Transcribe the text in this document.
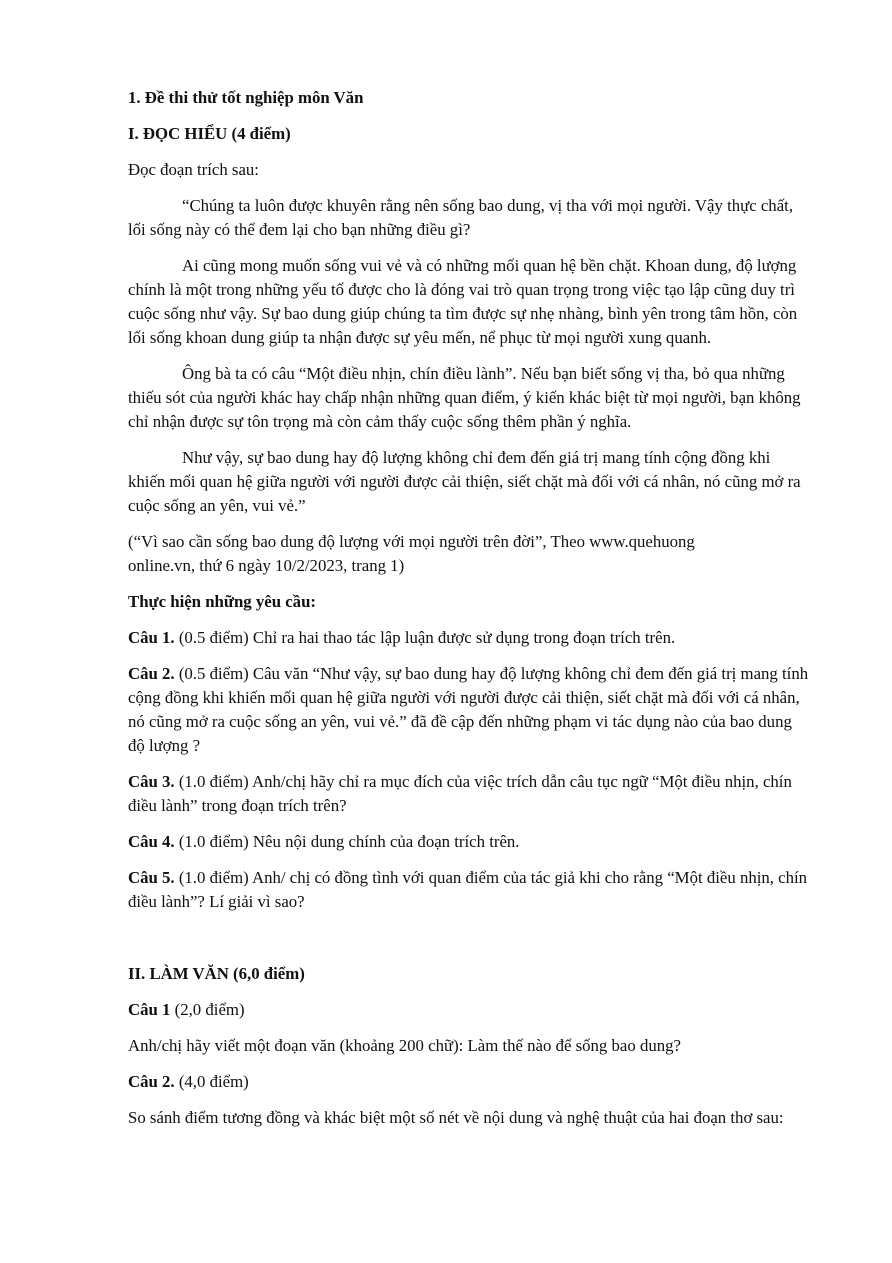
1. Đề thi thử tốt nghiệp môn Văn

I. ĐỌC HIỂU (4 điểm)

Đọc đoạn trích sau:

“Chúng ta luôn được khuyên rằng nên sống bao dung, vị tha với mọi người. Vậy thực chất, lối sống này có thể đem lại cho bạn những điều gì?

Ai cũng mong muốn sống vui vẻ và có những mối quan hệ bền chặt. Khoan dung, độ lượng chính là một trong những yếu tố được cho là đóng vai trò quan trọng trong việc tạo lập cũng duy trì cuộc sống như vậy. Sự bao dung giúp chúng ta tìm được sự nhẹ nhàng, bình yên trong tâm hồn, còn lối sống khoan dung giúp ta nhận được sự yêu mến, nể phục từ mọi người xung quanh.

Ông bà ta có câu “Một điều nhịn, chín điều lành”. Nếu bạn biết sống vị tha, bỏ qua những thiếu sót của người khác hay chấp nhận những quan điểm, ý kiến khác biệt từ mọi người, bạn không chỉ nhận được sự tôn trọng mà còn cảm thấy cuộc sống thêm phần ý nghĩa.

Như vậy, sự bao dung hay độ lượng không chỉ đem đến giá trị mang tính cộng đồng khi khiến mối quan hệ giữa người với người được cải thiện, siết chặt mà đối với cá nhân, nó cũng mở ra cuộc sống an yên, vui vẻ.”

(“Vì sao cần sống bao dung độ lượng với mọi người trên đời”, Theo www.quehuong online.vn, thứ 6 ngày 10/2/2023, trang 1)

Thực hiện những yêu cầu:

Câu 1. (0.5 điểm) Chỉ ra hai thao tác lập luận được sử dụng trong đoạn trích trên.

Câu 2. (0.5 điểm) Câu văn “Như vậy, sự bao dung hay độ lượng không chỉ đem đến giá trị mang tính cộng đồng khi khiến mối quan hệ giữa người với người được cải thiện, siết chặt mà đối với cá nhân, nó cũng mở ra cuộc sống an yên, vui vẻ.” đã đề cập đến những phạm vi tác dụng nào của bao dung độ lượng ?

Câu 3. (1.0 điểm) Anh/chị hãy chỉ ra mục đích của việc trích dẫn câu tục ngữ “Một điều nhịn, chín điều lành” trong đoạn trích trên?

Câu 4. (1.0 điểm) Nêu nội dung chính của đoạn trích trên.

Câu 5. (1.0 điểm) Anh/ chị có đồng tình với quan điểm của tác giả khi cho rằng “Một điều nhịn, chín điều lành”? Lí giải vì sao?

II. LÀM VĂN (6,0 điểm)

Câu 1 (2,0 điểm)

Anh/chị hãy viết một đoạn văn (khoảng 200 chữ): Làm thế nào để sống bao dung?

Câu 2. (4,0 điểm)

So sánh điểm tương đồng và khác biệt một số nét về nội dung và nghệ thuật của hai đoạn thơ sau:
